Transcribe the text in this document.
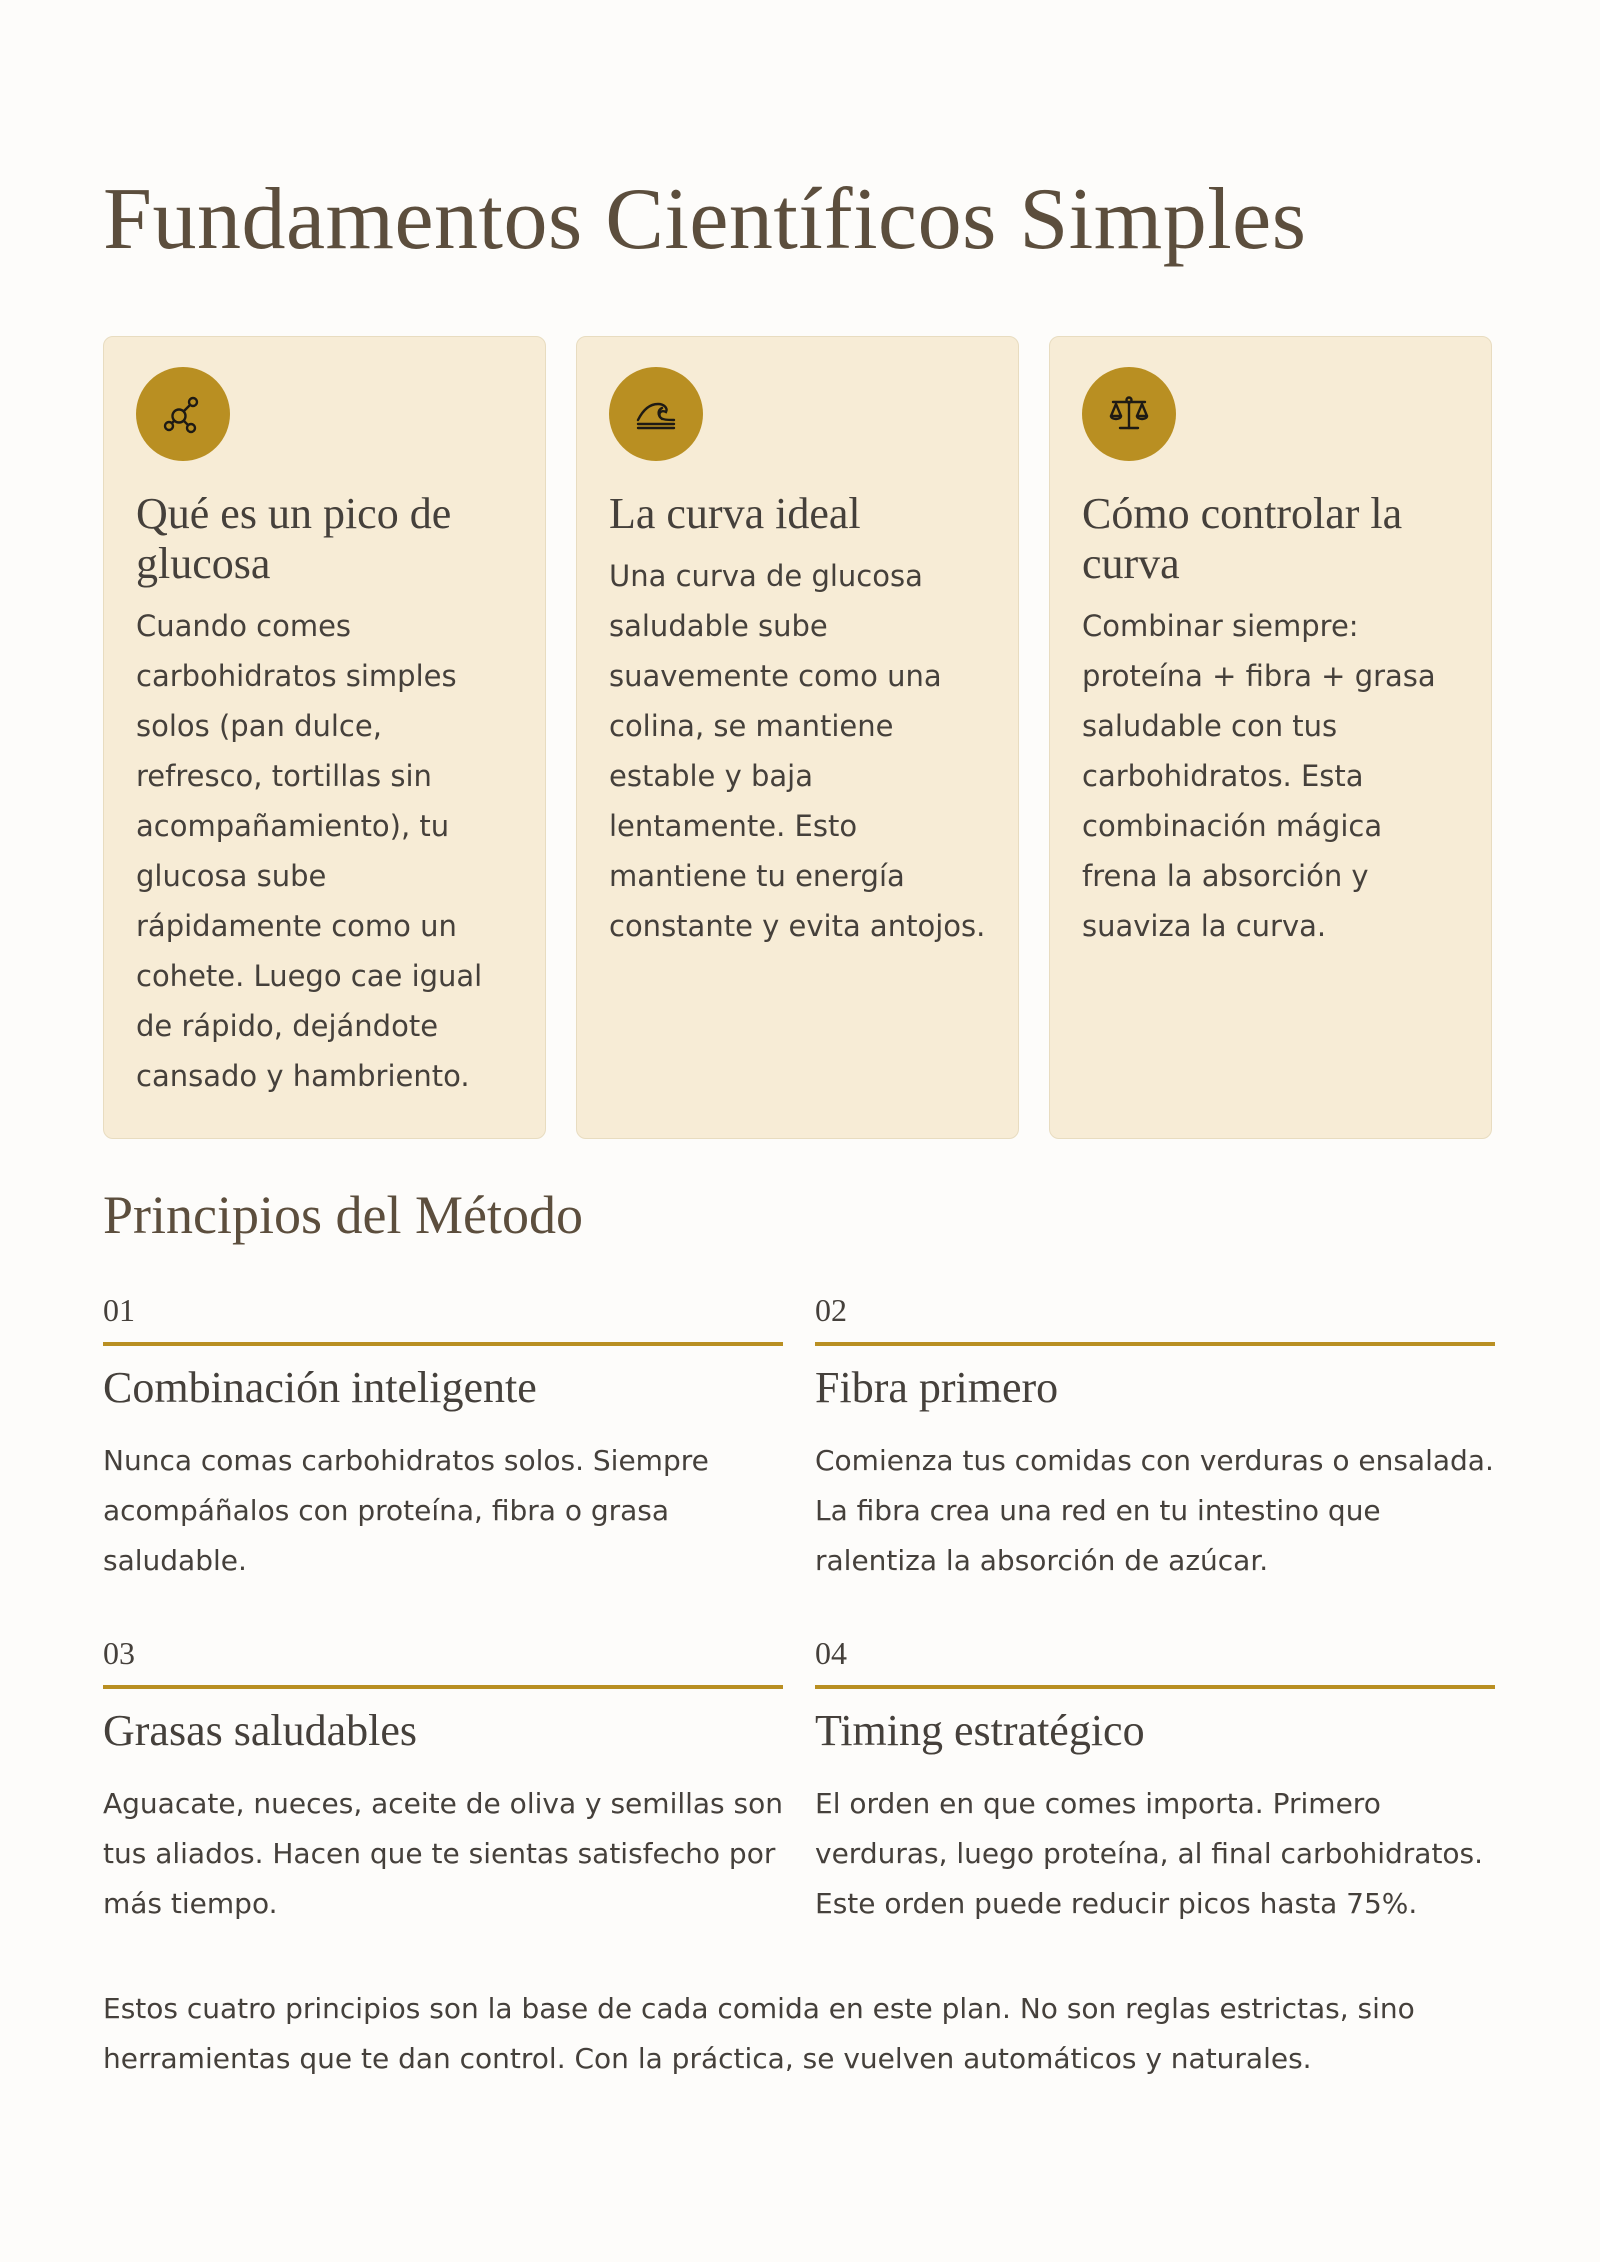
Fundamentos Científicos Simples
Qué es un pico de glucosa

Cuando comes carbohidratos simples solos (pan dulce, refresco, tortillas sin acompañamiento), tu glucosa sube rápidamente como un cohete. Luego cae igual de rápido, dejándote cansado y hambriento.

La curva ideal

Una curva de glucosa saludable sube suavemente como una colina, se mantiene estable y baja lentamente. Esto mantiene tu energía constante y evita antojos.

Cómo controlar la curva

Combinar siempre: proteína + fibra + grasa saludable con tus carbohidratos. Esta combinación mágica frena la absorción y suaviza la curva.

Principios del Método
01
Combinación inteligente

Nunca comas carbohidratos solos. Siempre acompáñalos con proteína, fibra o grasa saludable.

02
Fibra primero

Comienza tus comidas con verduras o ensalada. La fibra crea una red en tu intestino que ralentiza la absorción de azúcar.

03
Grasas saludables

Aguacate, nueces, aceite de oliva y semillas son tus aliados. Hacen que te sientas satisfecho por más tiempo.

04
Timing estratégico

El orden en que comes importa. Primero verduras, luego proteína, al final carbohidratos. Este orden puede reducir picos hasta 75%.

Estos cuatro principios son la base de cada comida en este plan. No son reglas estrictas, sino herramientas que te dan control. Con la práctica, se vuelven automáticos y naturales.
